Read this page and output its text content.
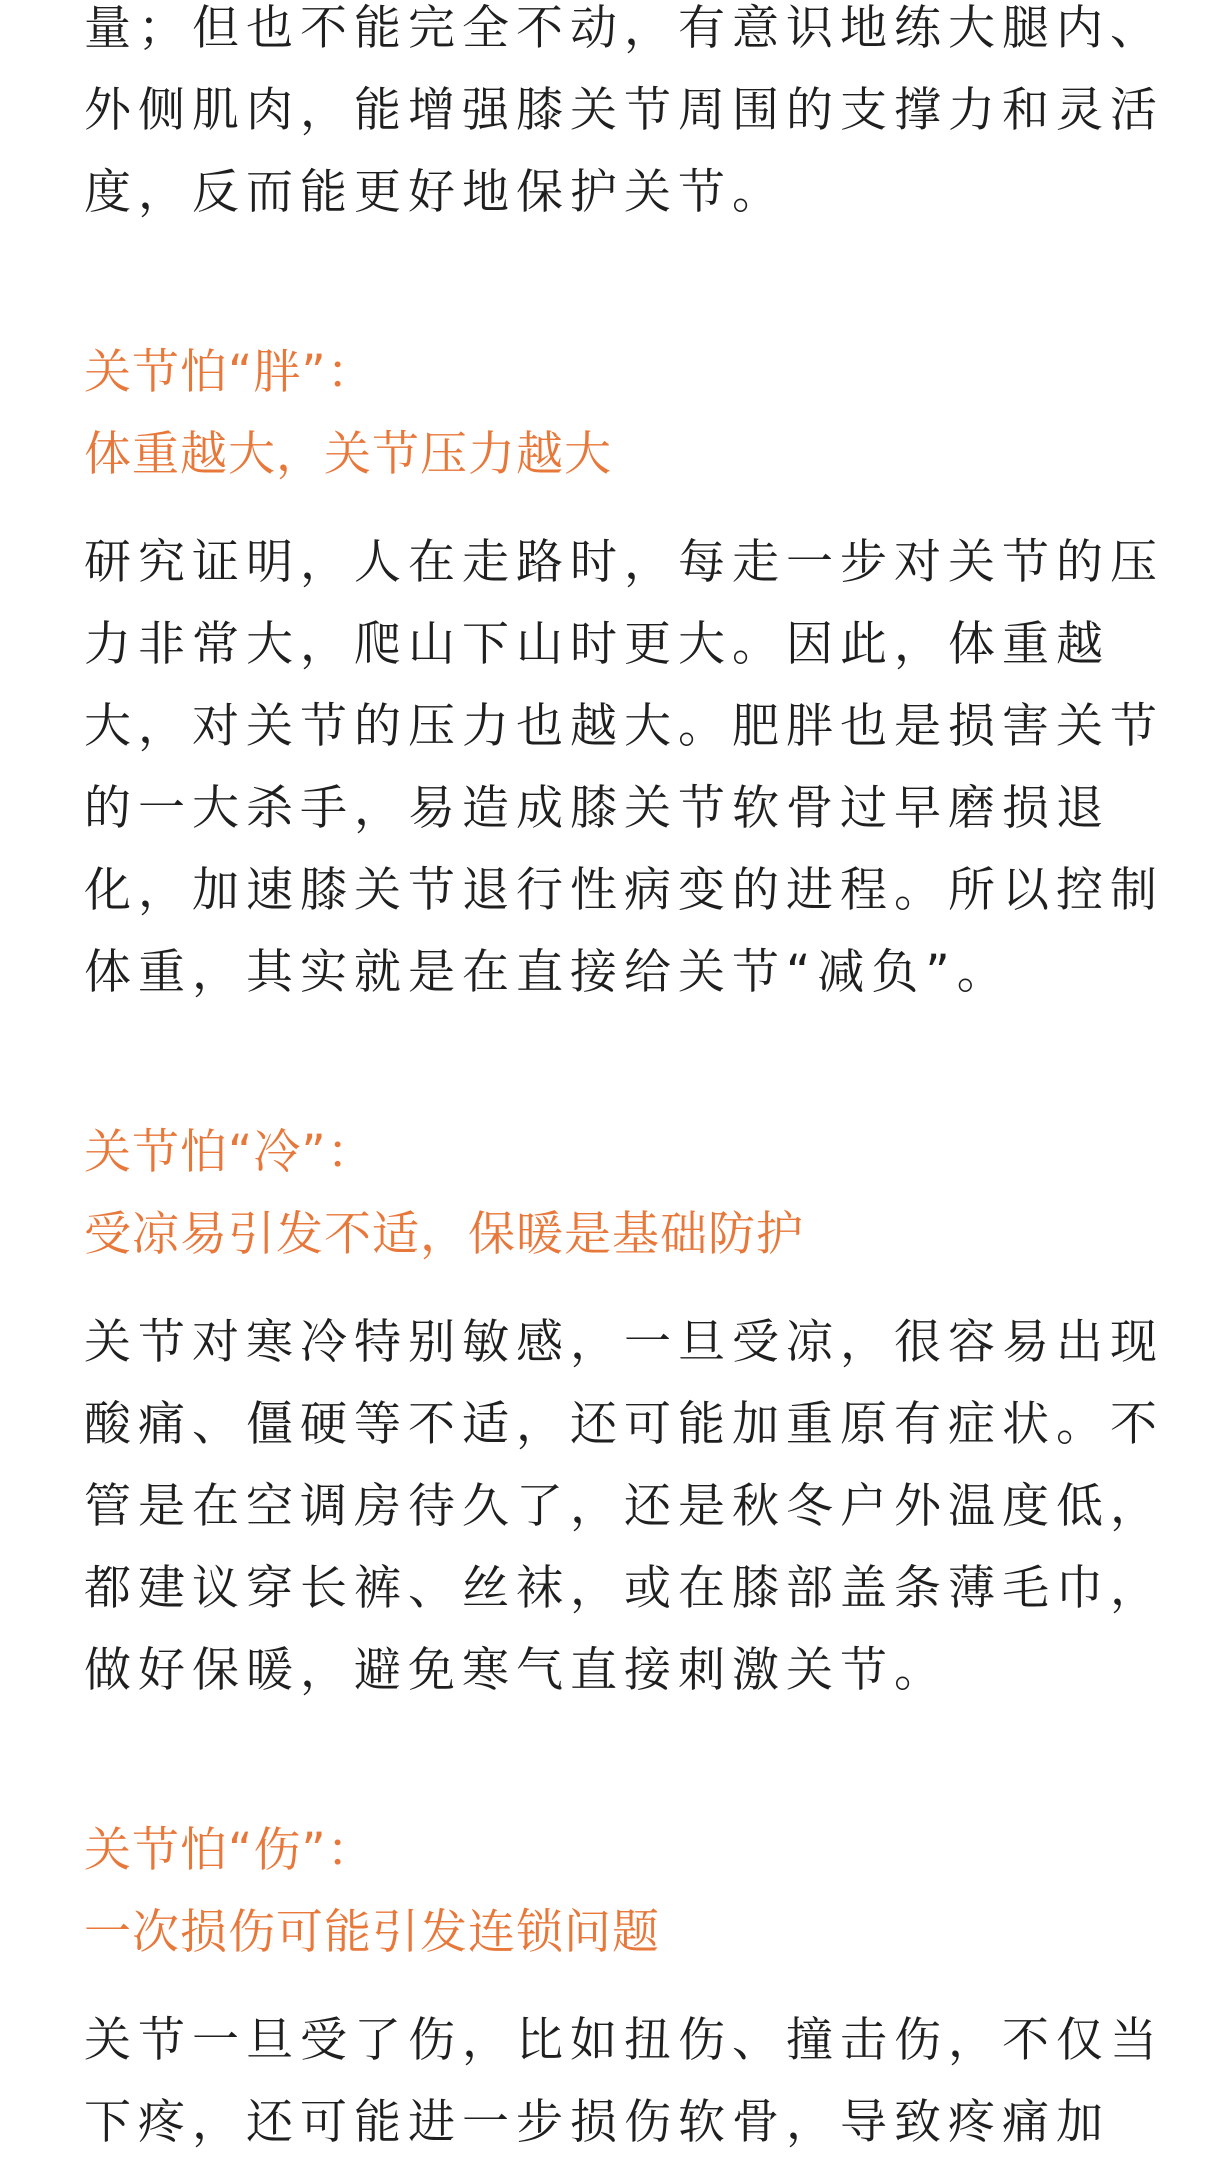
量；但也不能完全不动，有意识地练大腿内、
外侧肌肉，能增强膝关节周围的支撑力和灵活
度，反而能更好地保护关节。

关节怕“胖”：
体重越大，关节压力越大

研究证明，人在走路时，每走一步对关节的压
力非常大，爬山下山时更大。因此，体重越
大，对关节的压力也越大。肥胖也是损害关节
的一大杀手，易造成膝关节软骨过早磨损退
化，加速膝关节退行性病变的进程。所以控制
体重，其实就是在直接给关节“减负”。

关节怕“冷”：
受凉易引发不适，保暖是基础防护

关节对寒冷特别敏感，一旦受凉，很容易出现
酸痛、僵硬等不适，还可能加重原有症状。不
管是在空调房待久了，还是秋冬户外温度低，
都建议穿长裤、丝袜，或在膝部盖条薄毛巾，
做好保暖，避免寒气直接刺激关节。

关节怕“伤”：
一次损伤可能引发连锁问题

关节一旦受了伤，比如扭伤、撞击伤，不仅当
下疼，还可能进一步损伤软骨，导致疼痛加
